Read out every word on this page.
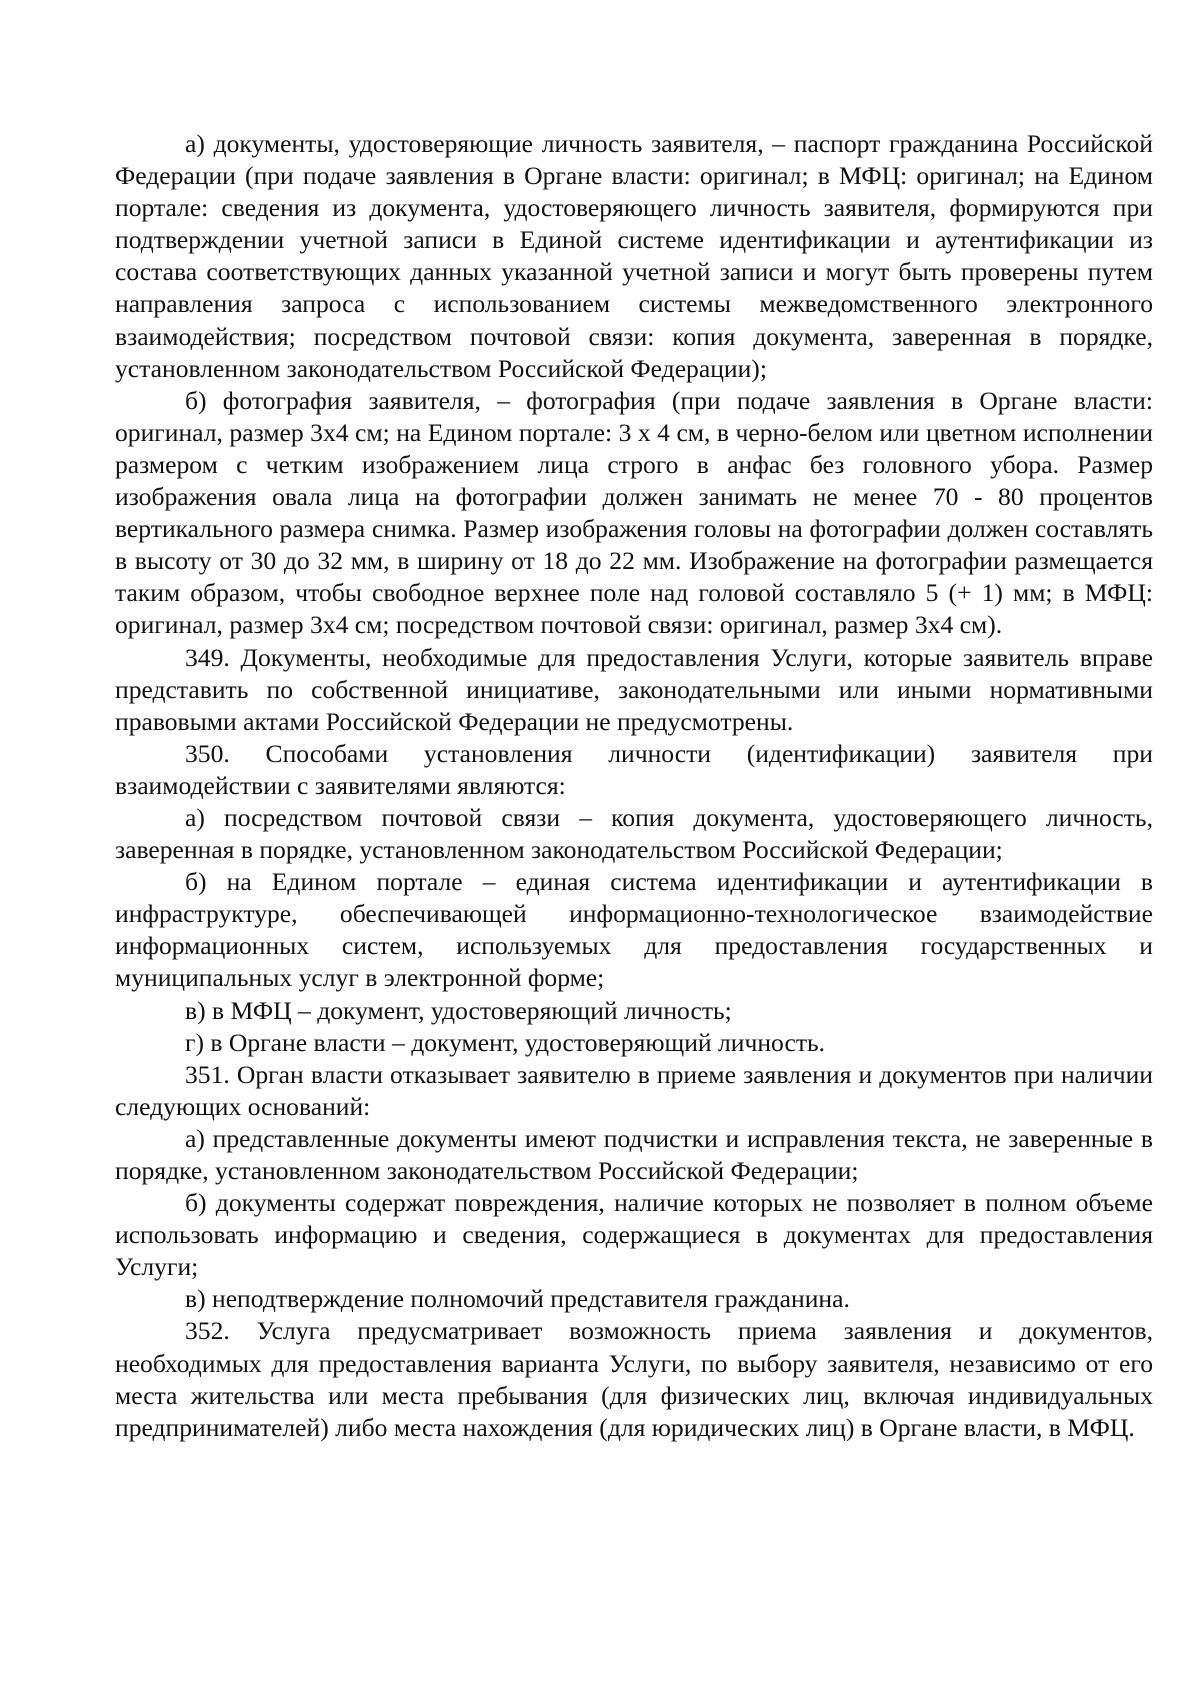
а) документы, удостоверяющие личность заявителя, – паспорт гражданина Российской Федерации (при подаче заявления в Органе власти: оригинал; в МФЦ: оригинал; на Едином портале: сведения из документа, удостоверяющего личность заявителя, формируются при подтверждении учетной записи в Единой системе идентификации и аутентификации из состава соответствующих данных указанной учетной записи и могут быть проверены путем направления запроса с использованием системы межведомственного электронного взаимодействия; посредством почтовой связи: копия документа, заверенная в порядке, установленном законодательством Российской Федерации);

б) фотография заявителя, – фотография (при подаче заявления в Органе власти: оригинал, размер 3x4 см; на Едином портале: 3 x 4 см, в черно-белом или цветном исполнении размером с четким изображением лица строго в анфас без головного убора. Размер изображения овала лица на фотографии должен занимать не менее 70 - 80 процентов вертикального размера снимка. Размер изображения головы на фотографии должен составлять в высоту от 30 до 32 мм, в ширину от 18 до 22 мм. Изображение на фотографии размещается таким образом, чтобы свободное верхнее поле над головой составляло 5 (+ 1) мм; в МФЦ: оригинал, размер 3x4 см; посредством почтовой связи: оригинал, размер 3x4 см).

349. Документы, необходимые для предоставления Услуги, которые заявитель вправе представить по собственной инициативе, законодательными или иными нормативными правовыми актами Российской Федерации не предусмотрены.

350. Способами установления личности (идентификации) заявителя при взаимодействии с заявителями являются:

а) посредством почтовой связи – копия документа, удостоверяющего личность, заверенная в порядке, установленном законодательством Российской Федерации;

б) на Едином портале – единая система идентификации и аутентификации в инфраструктуре, обеспечивающей информационно-технологическое взаимодействие информационных систем, используемых для предоставления государственных и муниципальных услуг в электронной форме;

в) в МФЦ – документ, удостоверяющий личность;

г) в Органе власти – документ, удостоверяющий личность.

351. Орган власти отказывает заявителю в приеме заявления и документов при наличии следующих оснований:

а) представленные документы имеют подчистки и исправления текста, не заверенные в порядке, установленном законодательством Российской Федерации;

б) документы содержат повреждения, наличие которых не позволяет в полном объеме использовать информацию и сведения, содержащиеся в документах для предоставления Услуги;

в) неподтверждение полномочий представителя гражданина.

352. Услуга предусматривает возможность приема заявления и документов, необходимых для предоставления варианта Услуги, по выбору заявителя, независимо от его места жительства или места пребывания (для физических лиц, включая индивидуальных предпринимателей) либо места нахождения (для юридических лиц) в Органе власти, в МФЦ.
